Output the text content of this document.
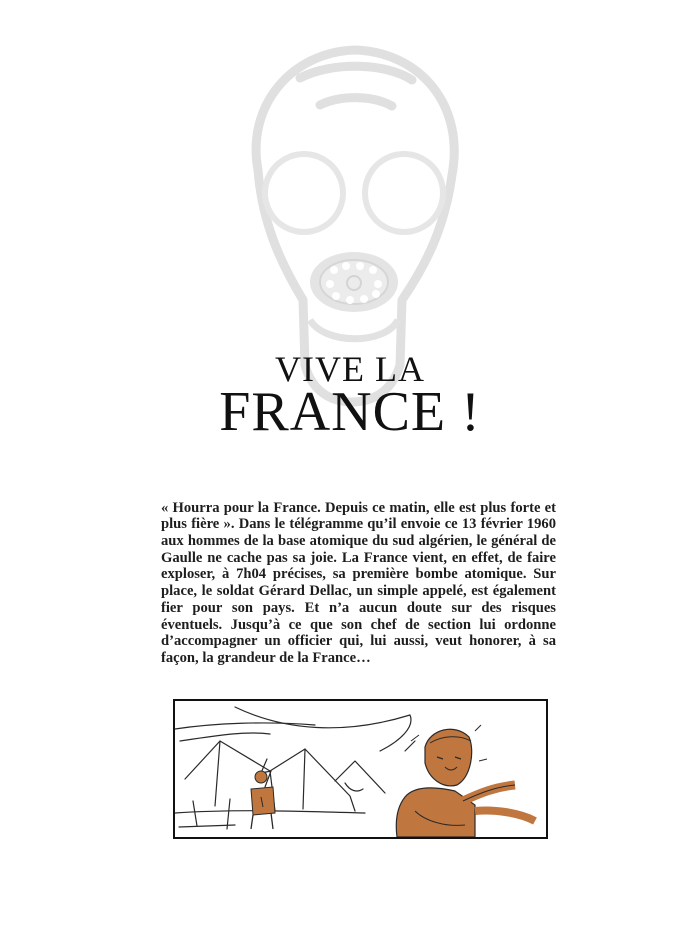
VIVE LA
FRANCE !

« Hourra pour la France. Depuis ce matin, elle est plus forte et plus fière ». Dans le télégramme qu’il envoie ce 13 février 1960 aux hommes de la base atomique du sud algérien, le général de Gaulle ne cache pas sa joie. La France vient, en effet, de faire exploser, à 7h04 précises, sa première bombe atomique. Sur place, le soldat Gérard Dellac, un simple appelé, est également fier pour son pays. Et n’a aucun doute sur des risques éventuels. Jusqu’à ce que son chef de section lui ordonne d’accompagner un officier qui, lui aussi, veut honorer, à sa façon, la grandeur de la France…
